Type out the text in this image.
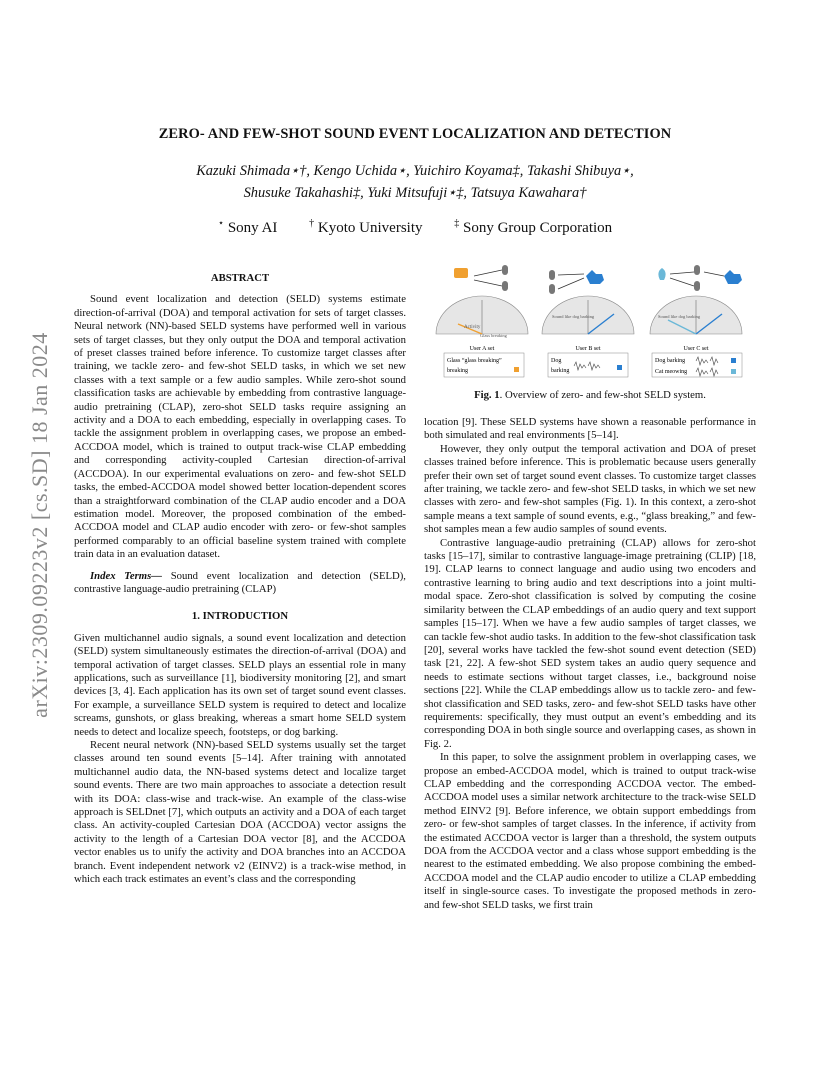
arXiv:2309.09223v2 [cs.SD] 18 Jan 2024
ZERO- AND FEW-SHOT SOUND EVENT LOCALIZATION AND DETECTION
Kazuki Shimada⋆†, Kengo Uchida⋆, Yuichiro Koyama‡, Takashi Shibuya⋆,
Shusuke Takahashi‡, Yuki Mitsufuji⋆‡, Tatsuya Kawahara†
⋆ Sony AI	† Kyoto University	‡ Sony Group Corporation
ABSTRACT

Sound event localization and detection (SELD) systems estimate direction-of-arrival (DOA) and temporal activation for sets of target classes. Neural network (NN)-based SELD systems have performed well in various sets of target classes, but they only output the DOA and temporal activation of preset classes trained before inference. To customize target classes after training, we tackle zero- and few-shot SELD tasks, in which we set new classes with a text sample or a few audio samples. While zero-shot sound classification tasks are achievable by embedding from contrastive language-audio pretraining (CLAP), zero-shot SELD tasks require assigning an activity and a DOA to each embedding, especially in overlapping cases. To tackle the assignment problem in overlapping cases, we propose an embed-ACCDOA model, which is trained to output track-wise CLAP embedding and corresponding activity-coupled Cartesian direction-of-arrival (ACCDOA). In our experimental evaluations on zero- and few-shot SELD tasks, the embed-ACCDOA model showed better location-dependent scores than a straightforward combination of the CLAP audio encoder and a DOA estimation model. Moreover, the proposed combination of the embed-ACCDOA model and CLAP audio encoder with zero- or few-shot samples performed comparably to an official baseline system trained with complete train data in an evaluation dataset.

Index Terms— Sound event localization and detection (SELD), contrastive language-audio pretraining (CLAP)

1. INTRODUCTION

Given multichannel audio signals, a sound event localization and detection (SELD) system simultaneously estimates the direction-of-arrival (DOA) and temporal activation of target classes. SELD plays an essential role in many applications, such as surveillance [1], biodiversity monitoring [2], and smart devices [3, 4]. Each application has its own set of target sound event classes. For example, a surveillance SELD system is required to detect and localize screams, gunshots, or glass breaking, whereas a smart home SELD system needs to detect and localize speech, footsteps, or dog barking.

Recent neural network (NN)-based SELD systems usually set the target classes around ten sound events [5–14]. After training with annotated multichannel audio data, the NN-based systems detect and localize target sound events. There are two main approaches to associate a detection result with its DOA: class-wise and track-wise. An example of the class-wise approach is SELDnet [7], which outputs an activity and a DOA of each target class. An activity-coupled Cartesian DOA (ACCDOA) vector assigns the activity to the length of a Cartesian DOA vector [8], and the ACCDOA vector enables us to unify the activity and DOA branches into an ACCDOA branch. Event independent network v2 (EINV2) is a track-wise method, in which each track estimates an event’s class and the corresponding

Activity
Glass breaking
User A set
Glass “glass breaking”
breaking
Sound like dog barking
User B set
Dog
barking
Sound like dog barking
User C set
Dog barking
Cat meowing
Fig. 1. Overview of zero- and few-shot SELD system.

location [9]. These SELD systems have shown a reasonable performance in both simulated and real environments [5–14].

However, they only output the temporal activation and DOA of preset classes trained before inference. This is problematic because users generally prefer their own set of target sound event classes. To customize target classes after training, we tackle zero- and few-shot SELD tasks, in which we set new classes with zero- and few-shot samples (Fig. 1). In this context, a zero-shot sample means a text sample of sound events, e.g., “glass breaking,” and few-shot samples mean a few audio samples of sound events.

Contrastive language-audio pretraining (CLAP) allows for zero-shot tasks [15–17], similar to contrastive language-image pretraining (CLIP) [18, 19]. CLAP learns to connect language and audio using two encoders and contrastive learning to bring audio and text descriptions into a joint multi-modal space. Zero-shot classification is solved by computing the cosine similarity between the CLAP embeddings of an audio query and text support samples [15–17]. When we have a few audio samples of target classes, we can tackle few-shot audio tasks. In addition to the few-shot classification task [20], several works have tackled the few-shot sound event detection (SED) task [21, 22]. A few-shot SED system takes an audio query sequence and needs to estimate sections without target classes, i.e., background noise sections [22]. While the CLAP embeddings allow us to tackle zero- and few-shot classification and SED tasks, zero- and few-shot SELD tasks have other requirements: specifically, they must output an event’s embedding and its corresponding DOA in both single source and overlapping cases, as shown in Fig. 2.

In this paper, to solve the assignment problem in overlapping cases, we propose an embed-ACCDOA model, which is trained to output track-wise CLAP embedding and the corresponding ACCDOA vector. The embed-ACCDOA model uses a similar network architecture to the track-wise SELD method EINV2 [9]. Before inference, we obtain support embeddings from zero- or few-shot samples of target classes. In the inference, if activity from the estimated ACCDOA vector is larger than a threshold, the system outputs DOA from the ACCDOA vector and a class whose support embedding is the nearest to the estimated embedding. We also propose combining the embed-ACCDOA model and the CLAP audio encoder to utilize a CLAP embedding itself in single-source cases. To investigate the proposed methods in zero- and few-shot SELD tasks, we first train
